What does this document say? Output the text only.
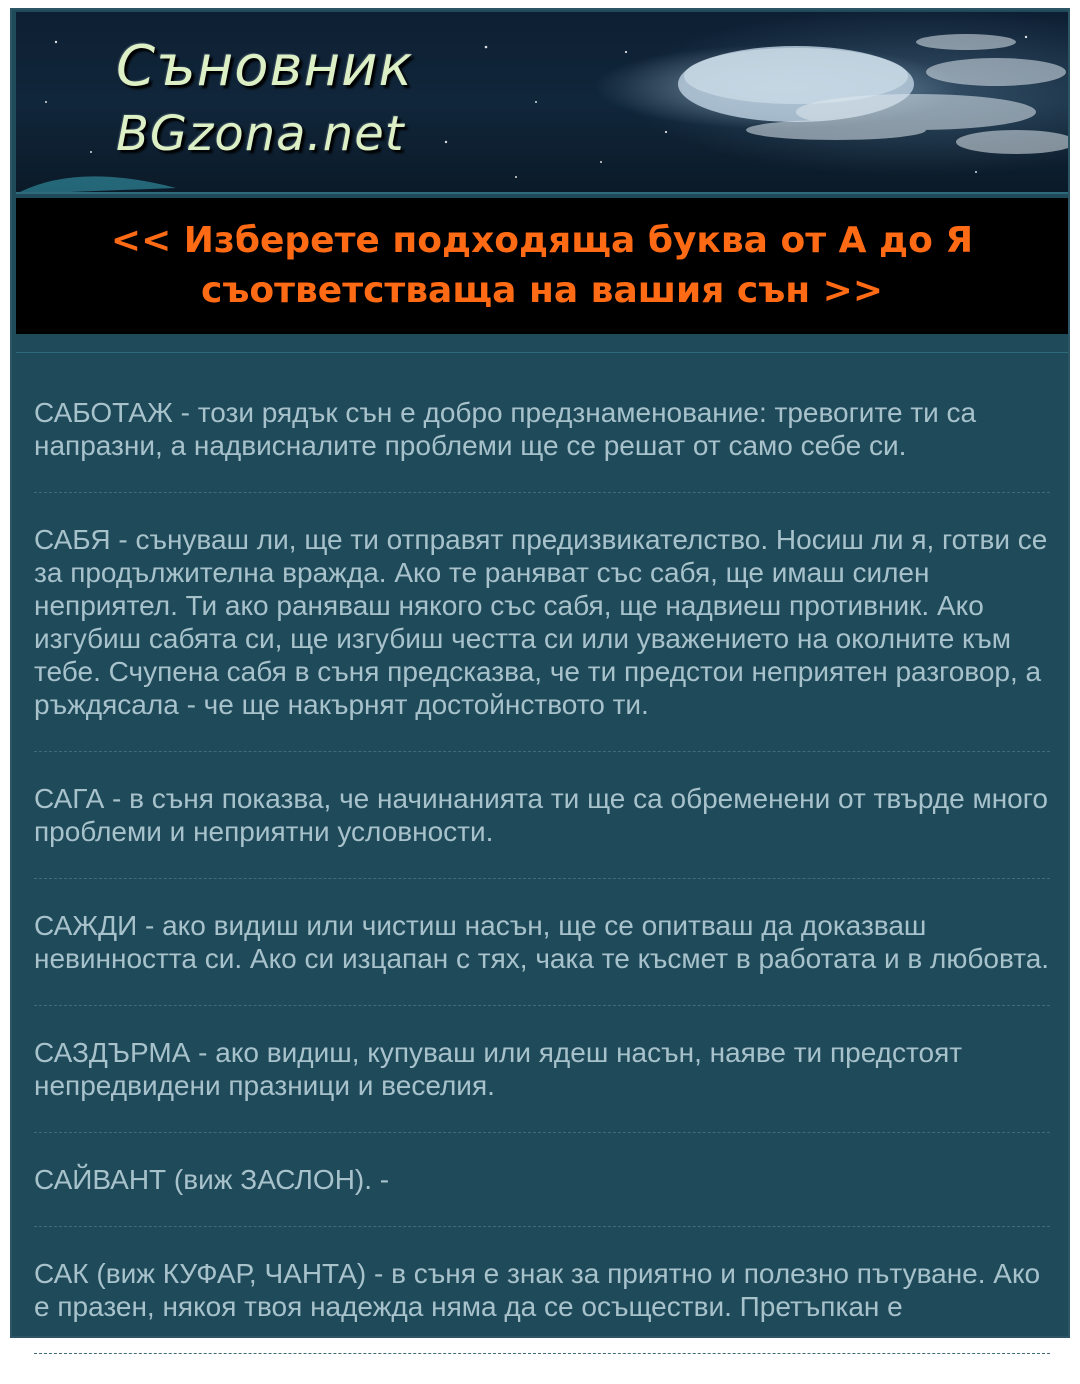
Съновник
BGzona.net
<< Изберете подходяща буква от А до Я съответстваща на вашия сън >>
САБОТАЖ - този рядък сън е добро предзнаменование: тревогите ти са напразни, а надвисналите проблеми ще се решат от само себе си.
САБЯ - сънуваш ли, ще ти отправят предизвикателство. Носиш ли я, готви се за продължителна вражда. Ако те раняват със сабя, ще имаш силен неприятел. Ти ако раняваш някого със сабя, ще надвиеш противник. Ако изгубиш сабята си, ще изгубиш честта си или уважението на околните към тебе. Счупена сабя в съня предсказва, че ти предстои неприятен разговор, а ръждясала - че ще накърнят достойнството ти.
САГА - в съня показва, че начинанията ти ще са обременени от твърде много проблеми и неприятни условности.
САЖДИ - ако видиш или чистиш насън, ще се опитваш да доказваш невинността си. Ако си изцапан с тях, чака те късмет в работата и в любовта.
САЗДЪРМА - ако видиш, купуваш или ядеш насън, наяве ти предстоят непредвидени празници и веселия.
САЙВАНТ (виж ЗАСЛОН). -
САК (виж КУФАР, ЧАНТА) - в съня е знак за приятно и полезно пътуване. Ако е празен, някоя твоя надежда няма да се осъществи. Претъпкан е
